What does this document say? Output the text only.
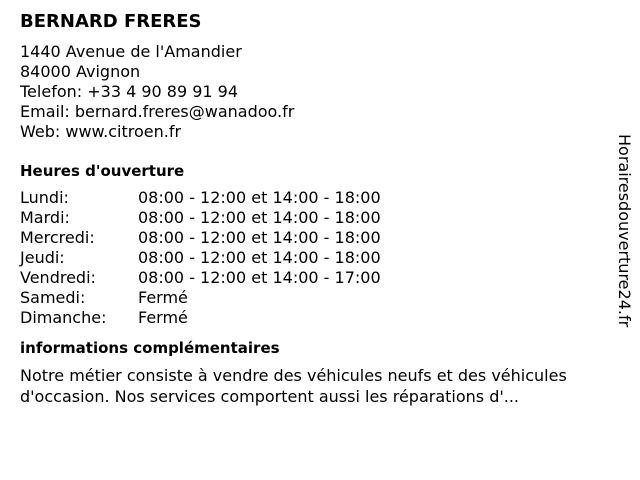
BERNARD FRERES
1440 Avenue de l'Amandier
84000 Avignon
Telefon: +33 4 90 89 91 94
Email: bernard.freres@wanadoo.fr
Web: www.citroen.fr
Heures d'ouverture
Lundi:	08:00 - 12:00 et 14:00 - 18:00
Mardi:	08:00 - 12:00 et 14:00 - 18:00
Mercredi:	08:00 - 12:00 et 14:00 - 18:00
Jeudi:	08:00 - 12:00 et 14:00 - 18:00
Vendredi:	08:00 - 12:00 et 14:00 - 17:00
Samedi:	Fermé
Dimanche:	Fermé
informations complémentaires

Notre métier consiste à vendre des véhicules neufs et des véhicules d'occasion. Nos services comportent aussi les réparations d'...

Horairesdouverture24.fr
